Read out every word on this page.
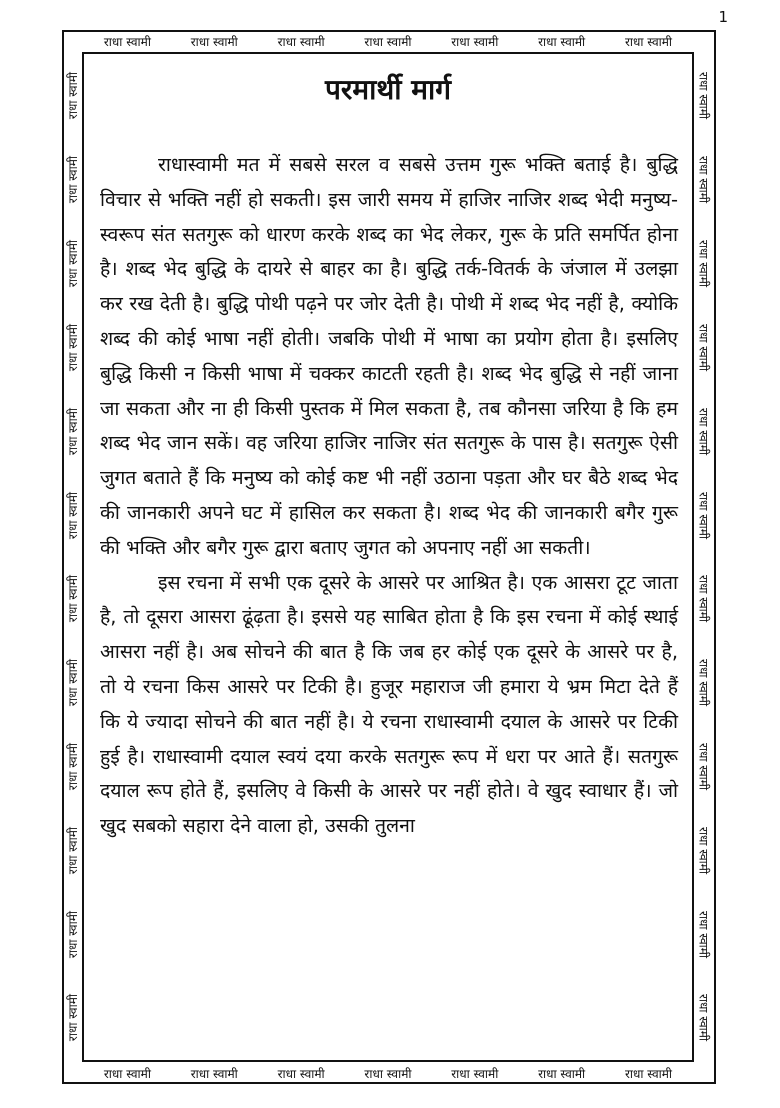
1
राधा स्वामी	राधा स्वामी	राधा स्वामी	राधा स्वामी	राधा स्वामी	राधा स्वामी	राधा स्वामी
राधा स्वामी	राधा स्वामी	राधा स्वामी	राधा स्वामी	राधा स्वामी	राधा स्वामी	राधा स्वामी
राधा स्वामी
राधा स्वामी
राधा स्वामी
राधा स्वामी
राधा स्वामी
राधा स्वामी
राधा स्वामी
राधा स्वामी
राधा स्वामी
राधा स्वामी
राधा स्वामी
राधा स्वामी
राधा स्वामी
राधा स्वामी
राधा स्वामी
राधा स्वामी
राधा स्वामी
राधा स्वामी
राधा स्वामी
राधा स्वामी
राधा स्वामी
राधा स्वामी
राधा स्वामी
राधा स्वामी
परमार्थी मार्ग

राधास्वामी मत में सबसे सरल व सबसे उत्तम गुरू भक्ति बताई है। बुद्धि विचार से भक्ति नहीं हो सकती। इस जारी समय में हाजिर नाजिर शब्द भेदी मनुष्य-स्वरूप संत सतगुरू को धारण करके शब्द का भेद लेकर, गुरू के प्रति समर्पित होना है। शब्द भेद बुद्धि के दायरे से बाहर का है। बुद्धि तर्क-वितर्क के जंजाल में उलझा कर रख देती है। बुद्धि पोथी पढ़ने पर जोर देती है। पोथी में शब्द भेद नहीं है, क्योकि शब्द की कोई भाषा नहीं होती। जबकि पोथी में भाषा का प्रयोग होता है। इसलिए बुद्धि किसी न किसी भाषा में चक्कर काटती रहती है। शब्द भेद बुद्धि से नहीं जाना जा सकता और ना ही किसी पुस्तक में मिल सकता है, तब कौनसा जरिया है कि हम शब्द भेद जान सकें। वह जरिया हाजिर नाजिर संत सतगुरू के पास है। सतगुरू ऐसी जुगत बताते हैं कि मनुष्य को कोई कष्ट भी नहीं उठाना पड़ता और घर बैठे शब्द भेद की जानकारी अपने घट में हासिल कर सकता है। शब्द भेद की जानकारी बगैर गुरू की भक्ति और बगैर गुरू द्वारा बताए जुगत को अपनाए नहीं आ सकती।

इस रचना में सभी एक दूसरे के आसरे पर आश्रित है। एक आसरा टूट जाता है, तो दूसरा आसरा ढूंढ़ता है। इससे यह साबित होता है कि इस रचना में कोई स्थाई आसरा नहीं है। अब सोचने की बात है कि जब हर कोई एक दूसरे के आसरे पर है, तो ये रचना किस आसरे पर टिकी है। हुजूर महाराज जी हमारा ये भ्रम मिटा देते हैं कि ये ज्यादा सोचने की बात नहीं है। ये रचना राधास्वामी दयाल के आसरे पर टिकी हुई है। राधास्वामी दयाल स्वयं दया करके सतगुरू रूप में धरा पर आते हैं। सतगुरू दयाल रूप होते हैं, इसलिए वे किसी के आसरे पर नहीं होते। वे खुद स्वाधार हैं। जो खुद सबको सहारा देने वाला हो, उसकी तुलना
